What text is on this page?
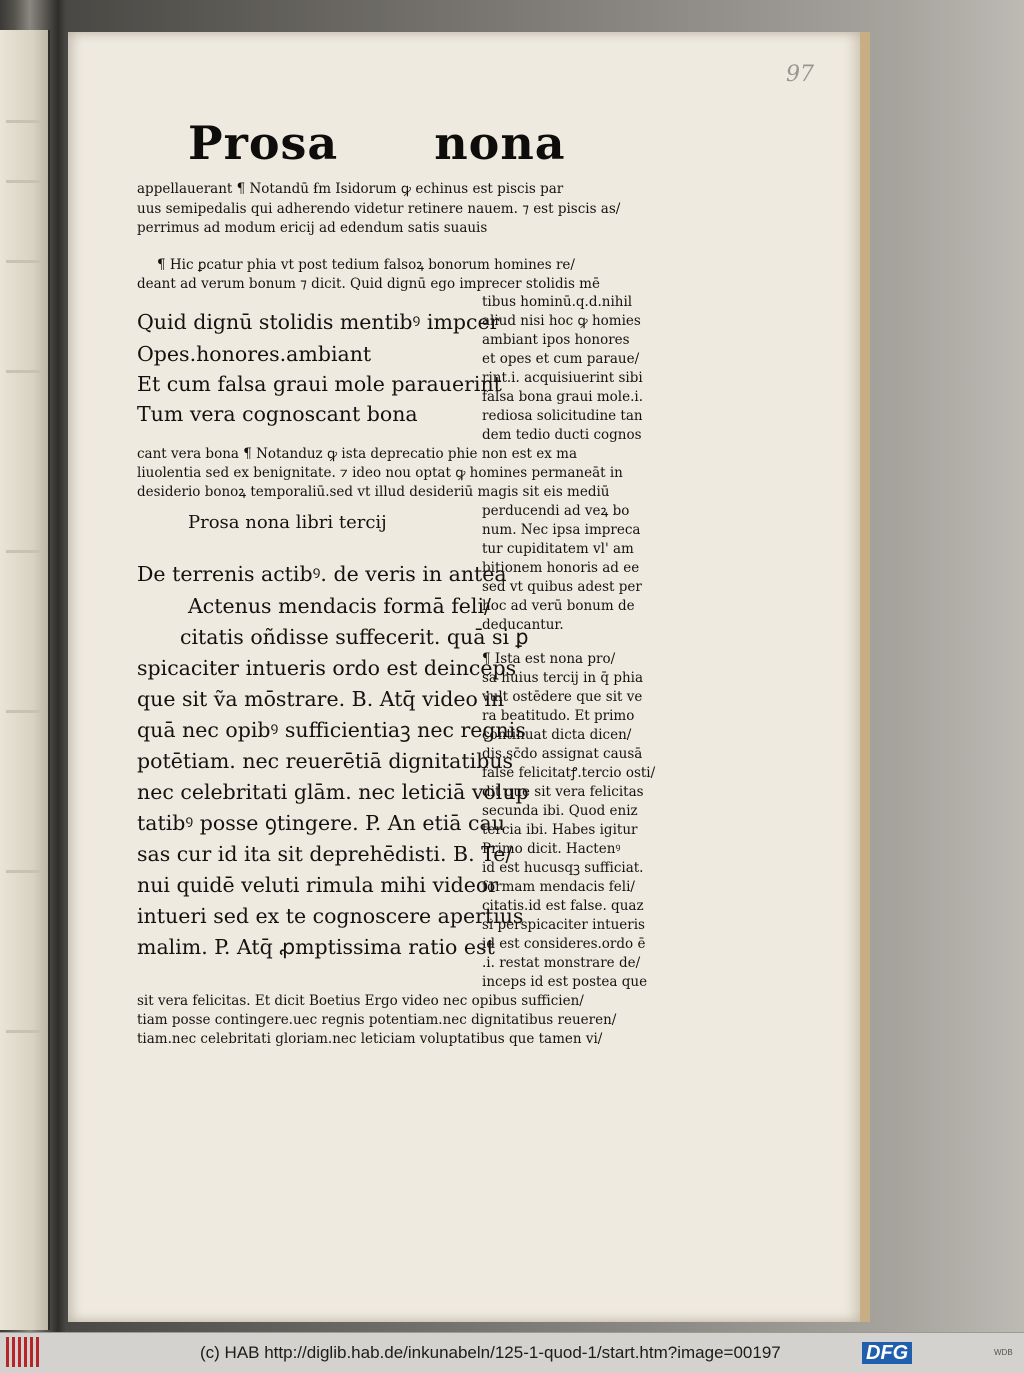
97
Prosa nona
appellauerant ¶ Notandū ẜm Isidorum ꝙ echinus est piscis par
uus semipedalis qui adherendo videtur retinere nauem. ⁊ est piscis as/
perrimus ad modum ericij ad edendum satis suauis
¶ Hic ꝑcatur phia vt post tedium falsoꝝ bonorum homines re/
deant ad verum bonum ⁊ dicit. Quid dignū ego imprecer stolidis mē
tibus hominū.q.d.nihil
aliud nisi hoc ꝙ homies
ambiant ipos honores
et opes et cum paraue/
rint.i. acquisiuerint sibi
falsa bona graui mole.i.
rediosa solicitudine tan
dem tedio ducti cognos
Quid dignū stolidis mentibꝰ impcer
Opes.honores.ambiant
Et cum falsa graui mole parauerint
Tum vera cognoscant bona
cant vera bona ¶ Notanduz ꝙ ista deprecatio phie non est ex ma
liuolentia sed ex benignitate. ⁊ ideo nou optat ꝙ homines permaneāt in
desiderio bonoꝝ temporaliū.sed vt illud desideriū magis sit eis mediū
perducendi ad veꝝ bo
num. Nec ipsa impreca
tur cupiditatem vl' am
bitionem honoris ad ee
sed vt quibus adest per
hoc ad verū bonum de
deducantur.
¶ Ista est nona pro/
sa huius tercij in q̄ phia
vult ostēdere que sit ve
ra beatitudo. Et primo
continuat dicta dicen/
dis.sc̄do assignat causā
false felicitatꝭ.tercio osti/
dit que sit vera felicitas
secunda ibi. Quod eniz
tercia ibi. Habes igitur
Primo dicit. Hactenꝰ
id est hucusqꝫ sufficiat.
formam mendacis feli/
citatis.id est false. quaz
si perspicaciter intueris
id est consideres.ordo ē
.i. restat monstrare de/
inceps id est postea que
Prosa nona libri tercij
De terrenis actibꝰ. de veris in antea
Actenus mendacis formā feli/
citatis oñdisse suffecerit. quā si ꝑ
spicaciter intueris ordo est deinceps
que sit ṽa mōstrare. B. Atq̄ video in
quā nec opibꝰ sufficientiaꝫ nec regnis
potētiam. nec reuerētiā dignitatibus
nec celebritati glām. nec leticiā volup
tatibꝰ posse ꝯtingere. P. An etiā cau
sas cur id ita sit deprehēdisti. B. Te/
nui quidē veluti rimula mihi videor
intueri sed ex te cognoscere apertius
malim. P. Atq̄ ꝓmptissima ratio est
sit vera felicitas. Et dicit Boetius Ergo video nec opibus sufficien/
tiam posse contingere.uec regnis potentiam.nec dignitatibus reueren/
tiam.nec celebritati gloriam.nec leticiam voluptatibus que tamen vi/
(c) HAB http://diglib.hab.de/inkunabeln/125-1-quod-1/start.htm?image=00197	DFG	WDB
